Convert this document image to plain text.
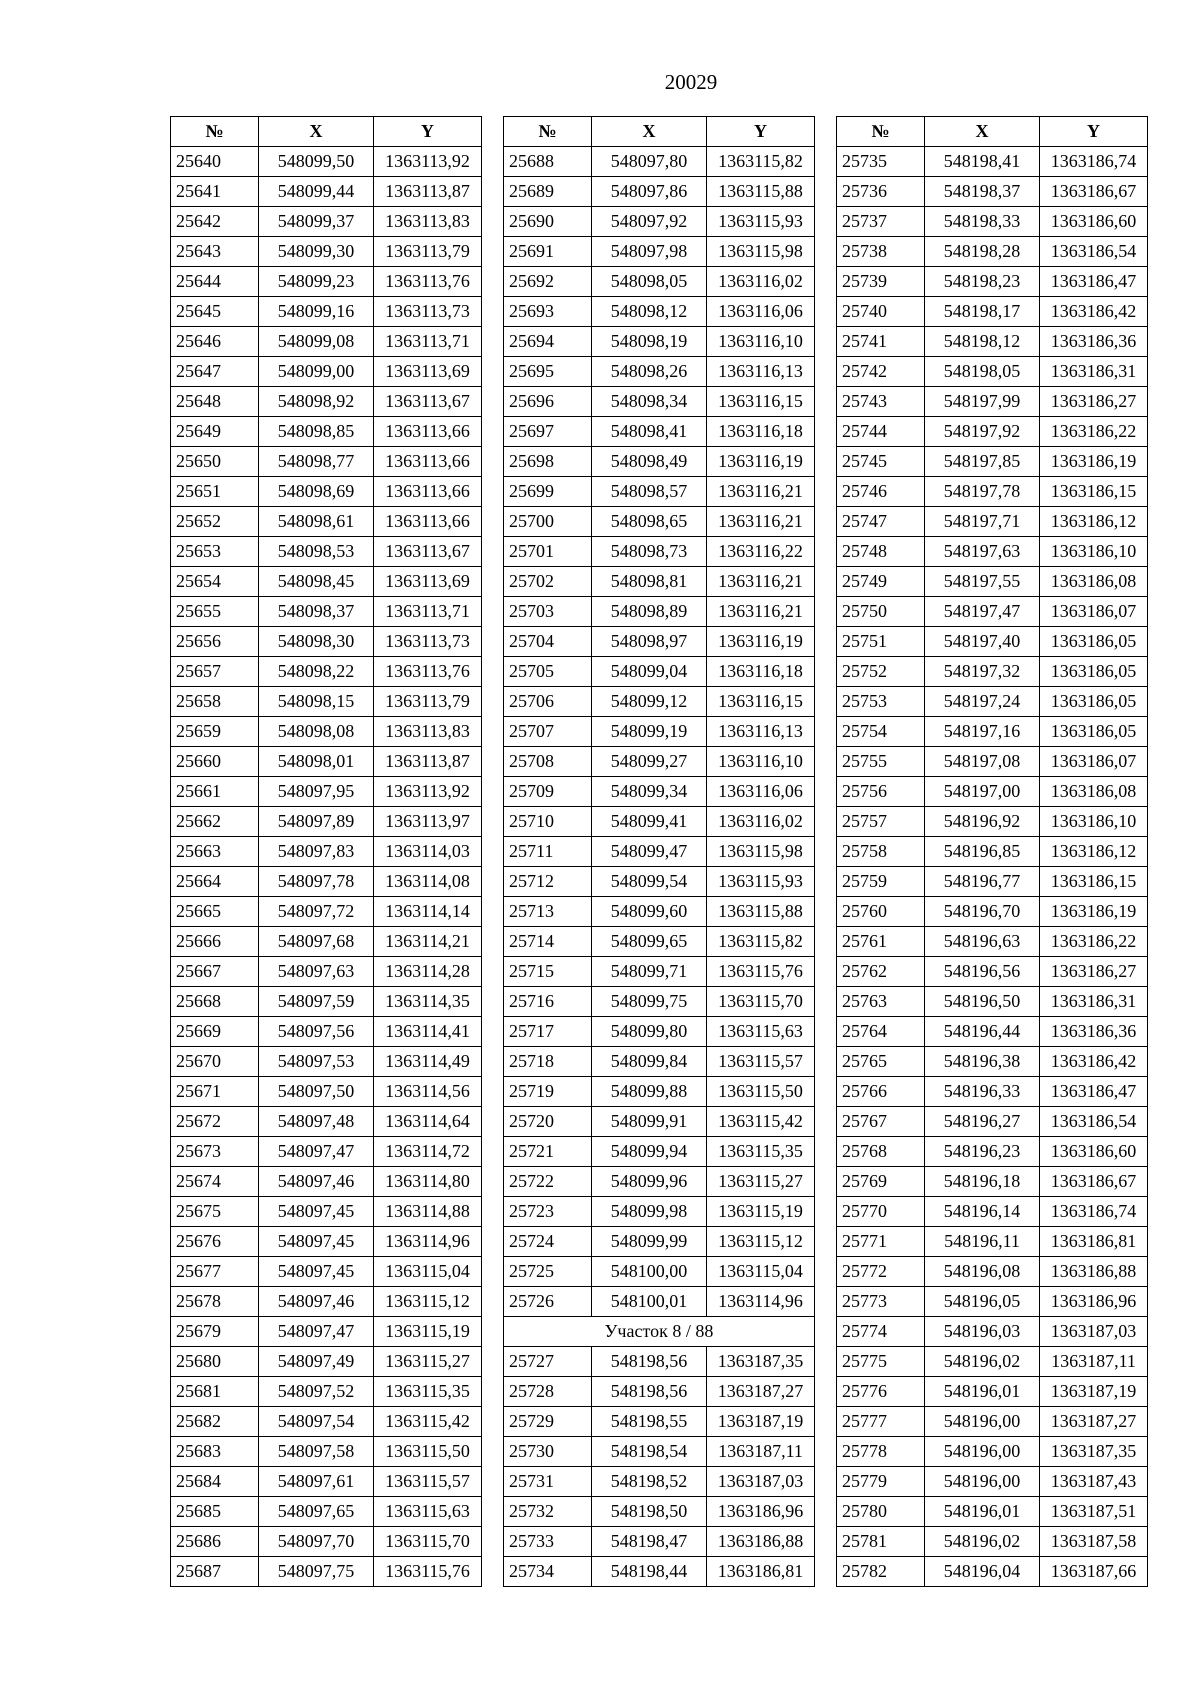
20029
№	X	Y
25640	548099,50	1363113,92
25641	548099,44	1363113,87
25642	548099,37	1363113,83
25643	548099,30	1363113,79
25644	548099,23	1363113,76
25645	548099,16	1363113,73
25646	548099,08	1363113,71
25647	548099,00	1363113,69
25648	548098,92	1363113,67
25649	548098,85	1363113,66
25650	548098,77	1363113,66
25651	548098,69	1363113,66
25652	548098,61	1363113,66
25653	548098,53	1363113,67
25654	548098,45	1363113,69
25655	548098,37	1363113,71
25656	548098,30	1363113,73
25657	548098,22	1363113,76
25658	548098,15	1363113,79
25659	548098,08	1363113,83
25660	548098,01	1363113,87
25661	548097,95	1363113,92
25662	548097,89	1363113,97
25663	548097,83	1363114,03
25664	548097,78	1363114,08
25665	548097,72	1363114,14
25666	548097,68	1363114,21
25667	548097,63	1363114,28
25668	548097,59	1363114,35
25669	548097,56	1363114,41
25670	548097,53	1363114,49
25671	548097,50	1363114,56
25672	548097,48	1363114,64
25673	548097,47	1363114,72
25674	548097,46	1363114,80
25675	548097,45	1363114,88
25676	548097,45	1363114,96
25677	548097,45	1363115,04
25678	548097,46	1363115,12
25679	548097,47	1363115,19
25680	548097,49	1363115,27
25681	548097,52	1363115,35
25682	548097,54	1363115,42
25683	548097,58	1363115,50
25684	548097,61	1363115,57
25685	548097,65	1363115,63
25686	548097,70	1363115,70
25687	548097,75	1363115,76
№	X	Y
25688	548097,80	1363115,82
25689	548097,86	1363115,88
25690	548097,92	1363115,93
25691	548097,98	1363115,98
25692	548098,05	1363116,02
25693	548098,12	1363116,06
25694	548098,19	1363116,10
25695	548098,26	1363116,13
25696	548098,34	1363116,15
25697	548098,41	1363116,18
25698	548098,49	1363116,19
25699	548098,57	1363116,21
25700	548098,65	1363116,21
25701	548098,73	1363116,22
25702	548098,81	1363116,21
25703	548098,89	1363116,21
25704	548098,97	1363116,19
25705	548099,04	1363116,18
25706	548099,12	1363116,15
25707	548099,19	1363116,13
25708	548099,27	1363116,10
25709	548099,34	1363116,06
25710	548099,41	1363116,02
25711	548099,47	1363115,98
25712	548099,54	1363115,93
25713	548099,60	1363115,88
25714	548099,65	1363115,82
25715	548099,71	1363115,76
25716	548099,75	1363115,70
25717	548099,80	1363115,63
25718	548099,84	1363115,57
25719	548099,88	1363115,50
25720	548099,91	1363115,42
25721	548099,94	1363115,35
25722	548099,96	1363115,27
25723	548099,98	1363115,19
25724	548099,99	1363115,12
25725	548100,00	1363115,04
25726	548100,01	1363114,96
Участок 8 / 88		
25727	548198,56	1363187,35
25728	548198,56	1363187,27
25729	548198,55	1363187,19
25730	548198,54	1363187,11
25731	548198,52	1363187,03
25732	548198,50	1363186,96
25733	548198,47	1363186,88
25734	548198,44	1363186,81
№	X	Y
25735	548198,41	1363186,74
25736	548198,37	1363186,67
25737	548198,33	1363186,60
25738	548198,28	1363186,54
25739	548198,23	1363186,47
25740	548198,17	1363186,42
25741	548198,12	1363186,36
25742	548198,05	1363186,31
25743	548197,99	1363186,27
25744	548197,92	1363186,22
25745	548197,85	1363186,19
25746	548197,78	1363186,15
25747	548197,71	1363186,12
25748	548197,63	1363186,10
25749	548197,55	1363186,08
25750	548197,47	1363186,07
25751	548197,40	1363186,05
25752	548197,32	1363186,05
25753	548197,24	1363186,05
25754	548197,16	1363186,05
25755	548197,08	1363186,07
25756	548197,00	1363186,08
25757	548196,92	1363186,10
25758	548196,85	1363186,12
25759	548196,77	1363186,15
25760	548196,70	1363186,19
25761	548196,63	1363186,22
25762	548196,56	1363186,27
25763	548196,50	1363186,31
25764	548196,44	1363186,36
25765	548196,38	1363186,42
25766	548196,33	1363186,47
25767	548196,27	1363186,54
25768	548196,23	1363186,60
25769	548196,18	1363186,67
25770	548196,14	1363186,74
25771	548196,11	1363186,81
25772	548196,08	1363186,88
25773	548196,05	1363186,96
25774	548196,03	1363187,03
25775	548196,02	1363187,11
25776	548196,01	1363187,19
25777	548196,00	1363187,27
25778	548196,00	1363187,35
25779	548196,00	1363187,43
25780	548196,01	1363187,51
25781	548196,02	1363187,58
25782	548196,04	1363187,66
